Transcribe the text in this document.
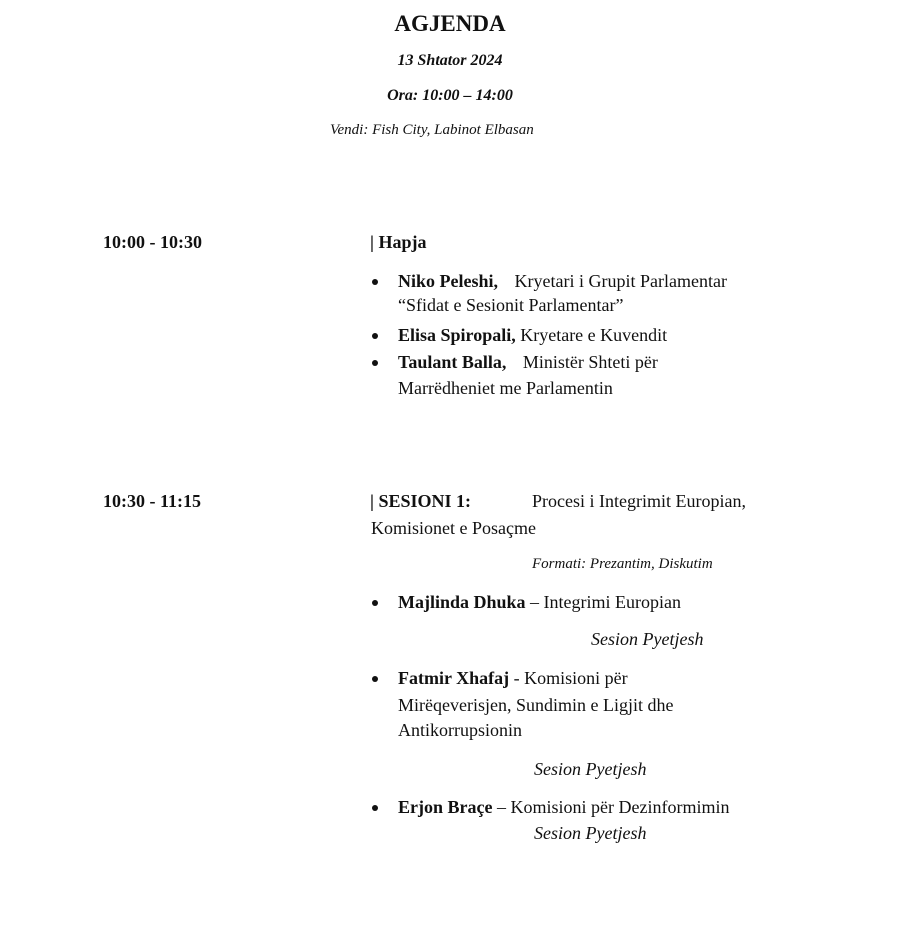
AGJENDA
13 Shtator 2024
Ora: 10:00 – 14:00
Vendi: Fish City, Labinot Elbasan
10:00 - 10:30	| Hapja
Niko Peleshi, Kryetari i Grupit Parlamentar
“Sfidat e Sesionit Parlamentar”
Elisa Spiropali, Kryetare e Kuvendit
Taulant Balla, Ministër Shteti për
Marrëdheniet me Parlamentin
10:30 - 11:15	| SESIONI 1:	Procesi i Integrimit Europian,
Komisionet e Posaçme
Formati: Prezantim, Diskutim
Majlinda Dhuka – Integrimi Europian
Sesion Pyetjesh
Fatmir Xhafaj - Komisioni për
Mirëqeverisjen, Sundimin e Ligjit dhe
Antikorrupsionin
Sesion Pyetjesh
Erjon Braçe – Komisioni për Dezinformimin
Sesion Pyetjesh
